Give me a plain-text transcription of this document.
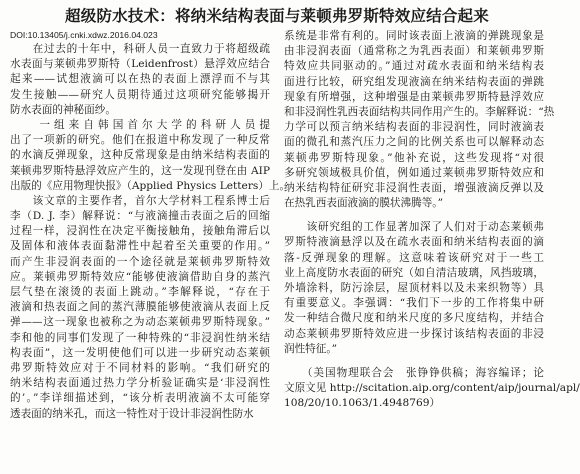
超级防水技术：将纳米结构表面与莱顿弗罗斯特效应结合起来
DOI:10.13405/j.cnki.xdwz.2016.04.023
　　在过去的十年中，科研人员一直致力于将超级疏
水表面与莱顿弗罗斯特（Leidenfrost）悬浮效应结合
起来——试想液滴可以在热的表面上漂浮而不与其
发生接触——研究人员期待通过这项研究能够揭开
防水表面的神秘面纱。
　　一组来自韩国首尔大学的科研人员提
出了一项新的研究。他们在报道中称发现了一种反常
的水滴反弹现象，这种反常现象是由纳米结构表面的
莱顿弗罗斯特悬浮效应产生的，这一发现刊登在由 AIP
出版的《应用物理快报》（Applied Physics Letters）上。
　　该文章的主要作者，首尔大学材料工程系博士后
李（D. J. 李）解释说：“与液滴撞击表面之后的回缩
过程一样，浸润性在决定平衡接触角，接触角滞后以
及固体和液体表面黏滞性中起着至关重要的作用。”
而产生非浸润表面的一个途径就是莱顿弗罗斯特效
应。莱顿弗罗斯特效应“能够使液滴借助自身的蒸汽
层气垫在滚烫的表面上跳动。”李解释说，“存在于
液滴和热表面之间的蒸汽薄膜能够使液滴从表面上反
弹——这一现象也被称之为动态莱顿弗罗斯特现象。”
李和他的同事们发现了一种特殊的“非浸润性纳米结
构表面”，这一发明使他们可以进一步研究动态莱顿
弗罗斯特效应对于不同材料的影响。“我们研究的
纳米结构表面通过热力学分析验证确实是‘非浸润性
的’。”李详细描述到，“该分析表明液滴不太可能穿
透表面的纳米孔，而这一特性对于设计非浸润性防水
系统是非常有利的。同时该表面上液滴的弹跳现象是
由非浸润表面（通常称之为乳西表面）和莱顿弗罗斯
特效应共同驱动的。”通过对疏水表面和纳米结构表
面进行比较，研究组发现液滴在纳米结构表面的弹跳
现象有所增强，这种增强是由莱顿弗罗斯特悬浮效应
和非浸润性乳西表面结构共同作用产生的。李解释说：“热
力学可以预言纳米结构表面的非浸润性，同时液滴表
面的微孔和蒸汽压力之间的比例关系也可以解释动态
莱顿弗罗斯特现象。”他补充说，这些发现将“对很
多研究领域极具价值，例如通过莱顿弗罗斯特效应和
纳米结构特征研究非浸润性表面，增强液滴反弹以及
在热乳西表面液滴的膜状沸腾等。”
　　该研究组的工作显著加深了人们对于动态莱顿弗
罗斯特液滴悬浮以及在疏水表面和纳米结构表面的滴
落-反弹现象的理解。这意味着该研究对于一些工
业上高度防水表面的研究（如自清洁玻璃，风挡玻璃，
外墙涂料，防污涂层，屋顶材料以及未来织物等）具
有重要意义。李强调：“我们下一步的工作将集中研
发一种结合微尺度和纳米尺度的多尺度结构，并结合
动态莱顿弗罗斯特效应进一步探讨该结构表面的非浸
润性特征。”
　　（美国物理联合会　张铮铮供稿；海容编译；论
文原文见 http://scitation.aip.org/content/aip/journal/apl/
108/20/10.1063/1.4948769）
